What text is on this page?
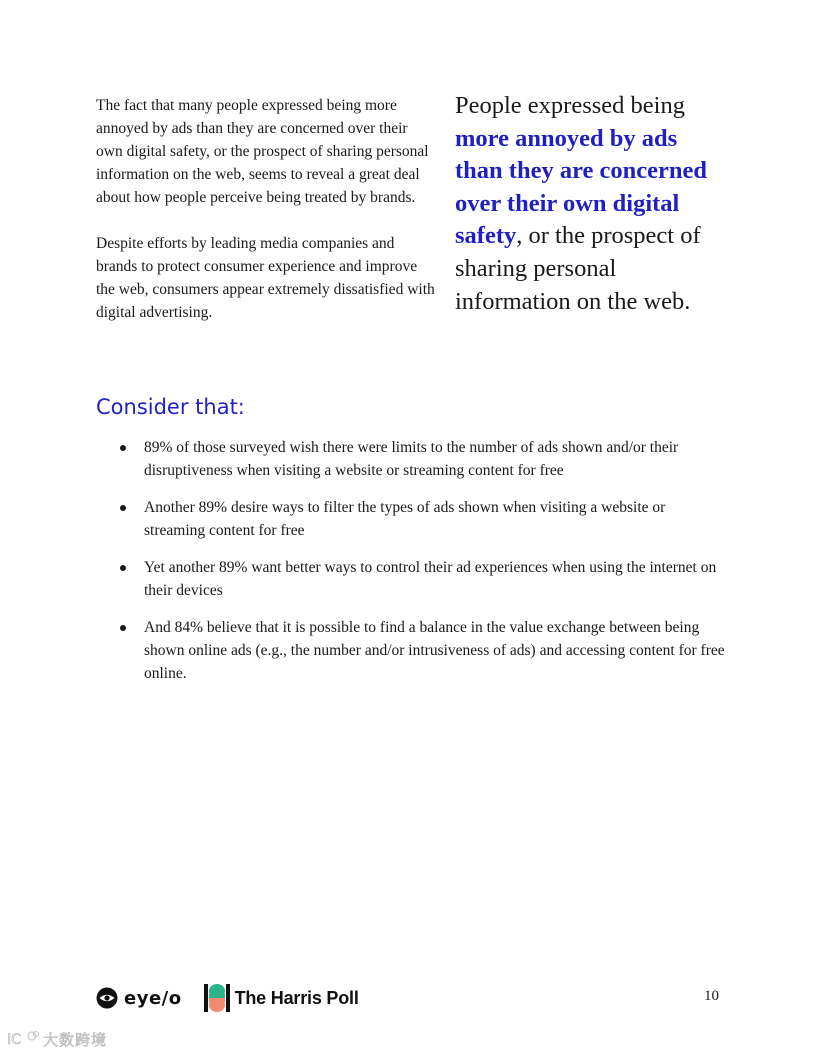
The fact that many people expressed being more annoyed by ads than they are concerned over their own digital safety, or the prospect of sharing personal information on the web, seems to reveal a great deal about how people perceive being treated by brands.

Despite efforts by leading media companies and brands to protect consumer experience and improve the web, consumers appear extremely dissatisfied with digital advertising.

People expressed being more annoyed by ads than they are concerned over their own digital safety, or the prospect of sharing personal information on the web.
Consider that:
89% of those surveyed wish there were limits to the number of ads shown and/or their disruptiveness when visiting a website or streaming content for free
Another 89% desire ways to filter the types of ads shown when visiting a website or streaming content for free
Yet another 89% want better ways to control their ad experiences when using the internet on their devices
And 84% believe that it is possible to find a balance in the value exchange between being shown online ads (e.g., the number and/or intrusiveness of ads) and accessing content for free online.
eye/o	The Harris Poll	10
IC 大数跨境
